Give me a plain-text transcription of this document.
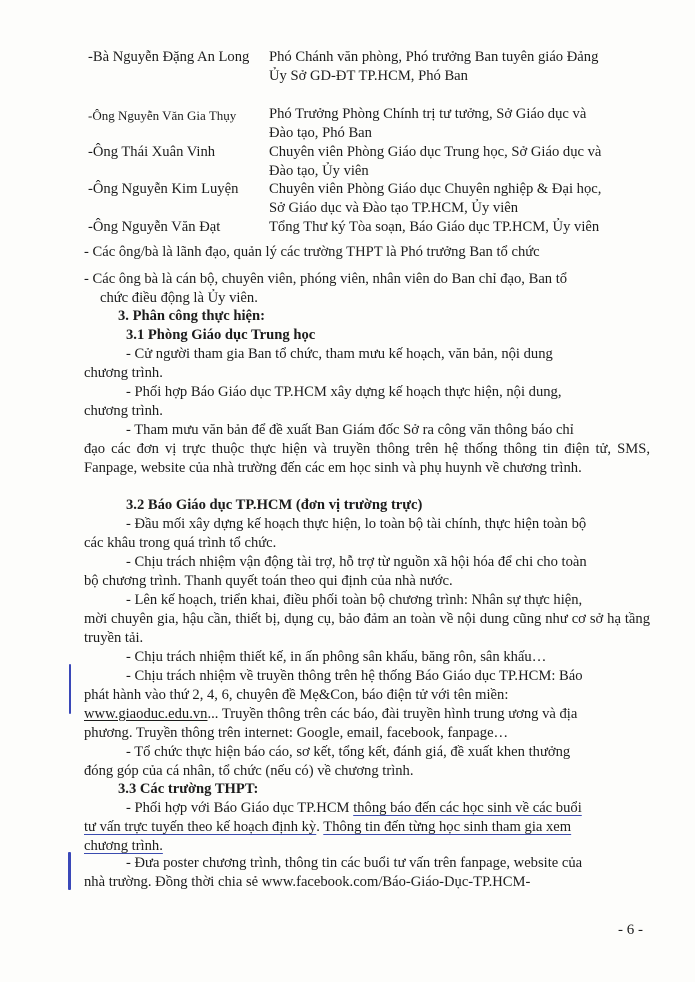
-Bà Nguyễn Đặng An Long Phó Chánh văn phòng, Phó trưởng Ban tuyên giáo Đảng
Ủy Sở GD-ĐT TP.HCM, Phó Ban
-Ông Nguyễn Văn Gia Thụy Phó Trưởng Phòng Chính trị tư tưởng, Sở Giáo dục và
Đào tạo, Phó Ban
-Ông Thái Xuân Vinh	Chuyên viên Phòng Giáo dục Trung học, Sở Giáo dục và
Đào tạo, Ủy viên
-Ông Nguyễn Kim Luyện Chuyên viên Phòng Giáo dục Chuyên nghiệp & Đại học,
Sở Giáo dục và Đào tạo TP.HCM, Ủy viên
-Ông Nguyễn Văn Đạt	Tổng Thư ký Tòa soạn, Báo Giáo dục TP.HCM, Ủy viên
- Các ông/bà là lãnh đạo, quản lý các trường THPT là Phó trưởng Ban tổ chức
- Các ông bà là cán bộ, chuyên viên, phóng viên, nhân viên do Ban chỉ đạo, Ban tổ
chức điều động là Ủy viên.
3. Phân công thực hiện:
3.1 Phòng Giáo dục Trung học
- Cử người tham gia Ban tổ chức, tham mưu kế hoạch, văn bản, nội dung
chương trình.
- Phối hợp Báo Giáo dục TP.HCM xây dựng kế hoạch thực hiện, nội dung,
chương trình.
- Tham mưu văn bản để đề xuất Ban Giám đốc Sở ra công văn thông báo chỉ
đạo các đơn vị trực thuộc thực hiện và truyền thông trên hệ thống thông tin điện tử, SMS, Fanpage, website của nhà trường đến các em học sinh và phụ huynh về chương trình.
3.2 Báo Giáo dục TP.HCM (đơn vị trường trực)
- Đầu mối xây dựng kế hoạch thực hiện, lo toàn bộ tài chính, thực hiện toàn bộ
các khâu trong quá trình tổ chức.
- Chịu trách nhiệm vận động tài trợ, hỗ trợ từ nguồn xã hội hóa để chi cho toàn
bộ chương trình. Thanh quyết toán theo qui định của nhà nước.
- Lên kế hoạch, triển khai, điều phối toàn bộ chương trình: Nhân sự thực hiện,
mời chuyên gia, hậu cần, thiết bị, dụng cụ, bảo đảm an toàn về nội dung cũng như cơ sở hạ tầng truyền tải.
- Chịu trách nhiệm thiết kế, in ấn phông sân khấu, băng rôn, sân khấu…
- Chịu trách nhiệm về truyền thông trên hệ thống Báo Giáo dục TP.HCM: Báo
phát hành vào thứ 2, 4, 6, chuyên đề Mẹ&Con, báo điện tử với tên miền:
www.giaoduc.edu.vn... Truyền thông trên các báo, đài truyền hình trung ương và địa
phương. Truyền thông trên internet: Google, email, facebook, fanpage…
- Tổ chức thực hiện báo cáo, sơ kết, tổng kết, đánh giá, đề xuất khen thưởng
đóng góp của cá nhân, tổ chức (nếu có) về chương trình.
3.3 Các trường THPT:
- Phối hợp với Báo Giáo dục TP.HCM thông báo đến các học sinh về các buổi
tư vấn trực tuyến theo kế hoạch định kỳ. Thông tin đến từng học sinh tham gia xem
chương trình.
- Đưa poster chương trình, thông tin các buổi tư vấn trên fanpage, website của
nhà trường. Đồng thời chia sẻ www.facebook.com/Báo-Giáo-Dục-TP.HCM-
- 6 -
